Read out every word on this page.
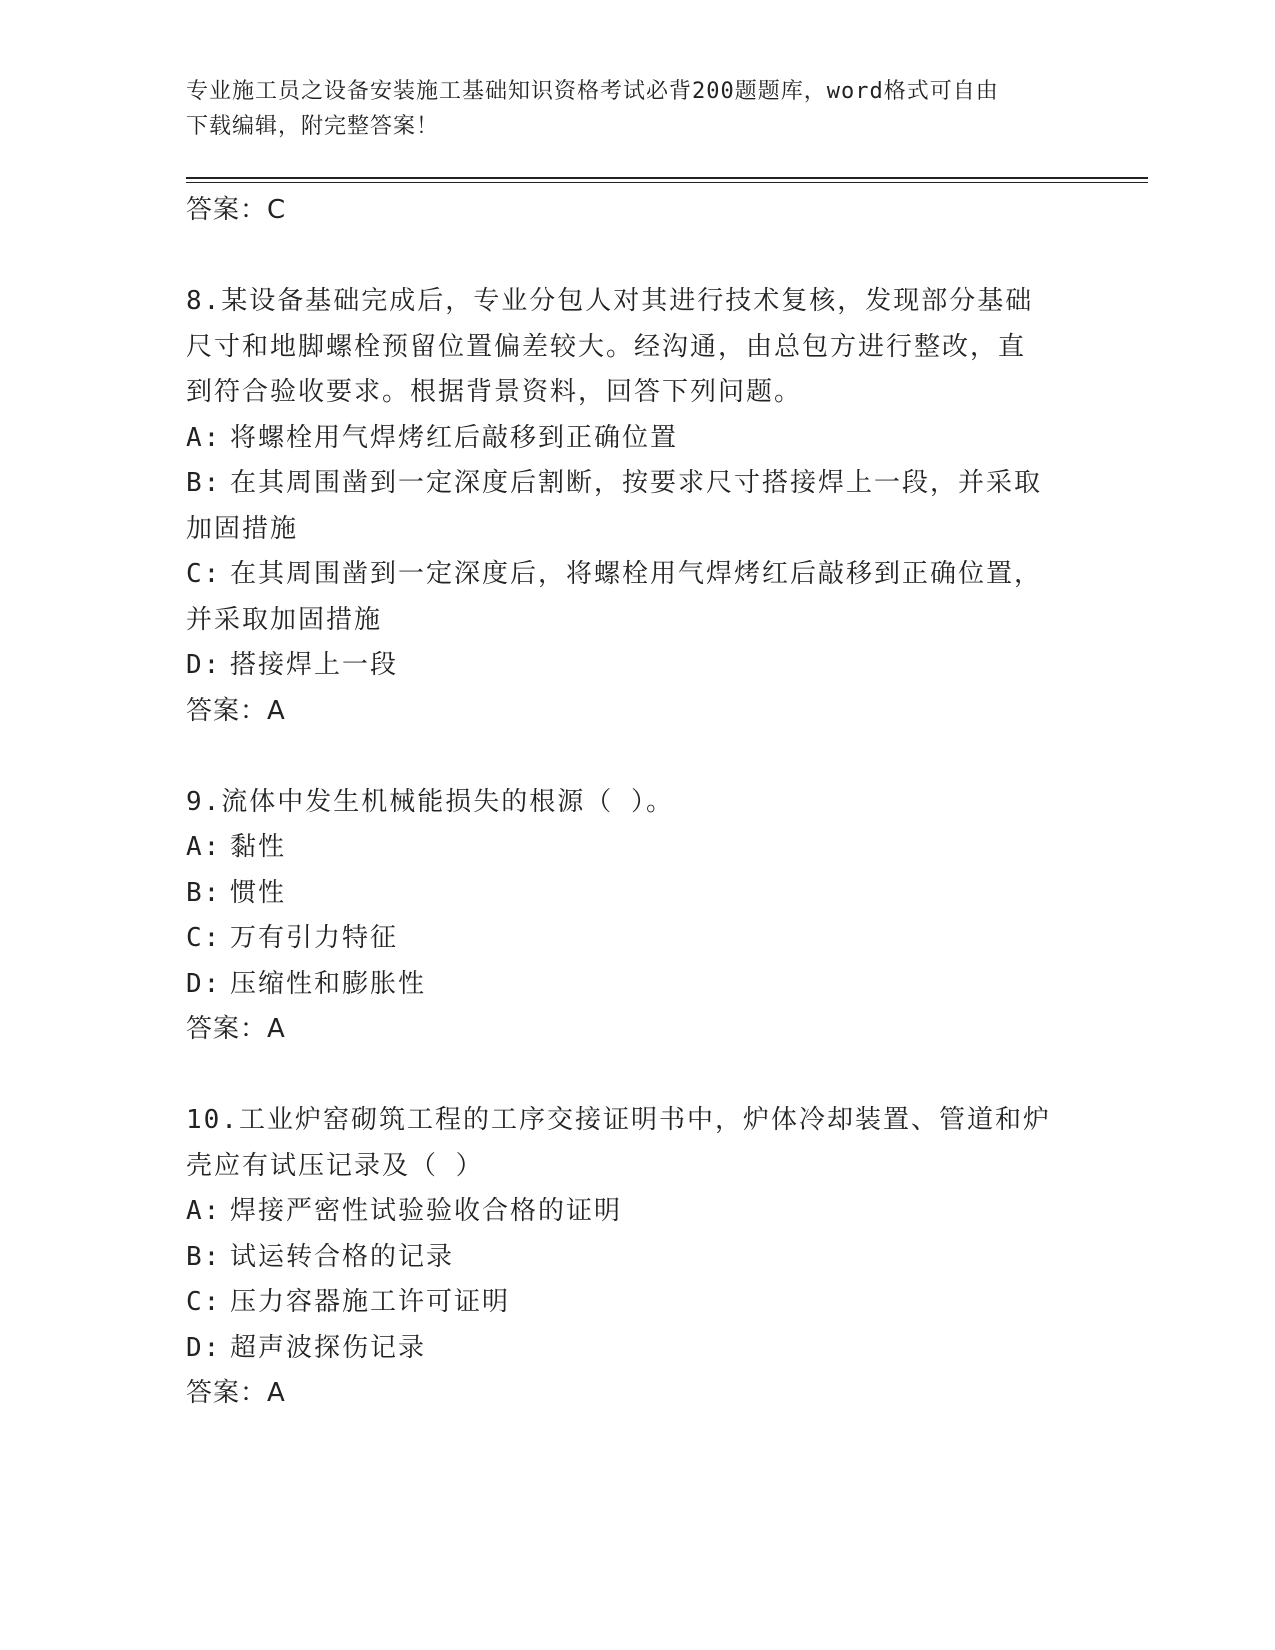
专业施工员之设备安装施工基础知识资格考试必背200题题库，word格式可自由
下载编辑，附完整答案！
答案：C
8.某设备基础完成后，专业分包人对其进行技术复核，发现部分基础
尺寸和地脚螺栓预留位置偏差较大。经沟通，由总包方进行整改，直
到符合验收要求。根据背景资料，回答下列问题。
A: 将螺栓用气焊烤红后敲移到正确位置
B: 在其周围凿到一定深度后割断，按要求尺寸搭接焊上一段，并采取
加固措施
C: 在其周围凿到一定深度后，将螺栓用气焊烤红后敲移到正确位置，
并采取加固措施
D: 搭接焊上一段
答案：A
9.流体中发生机械能损失的根源（ ）。
A: 黏性
B: 惯性
C: 万有引力特征
D: 压缩性和膨胀性
答案：A
10.工业炉窑砌筑工程的工序交接证明书中，炉体冷却装置、管道和炉
壳应有试压记录及（ ）
A: 焊接严密性试验验收合格的证明
B: 试运转合格的记录
C: 压力容器施工许可证明
D: 超声波探伤记录
答案：A
